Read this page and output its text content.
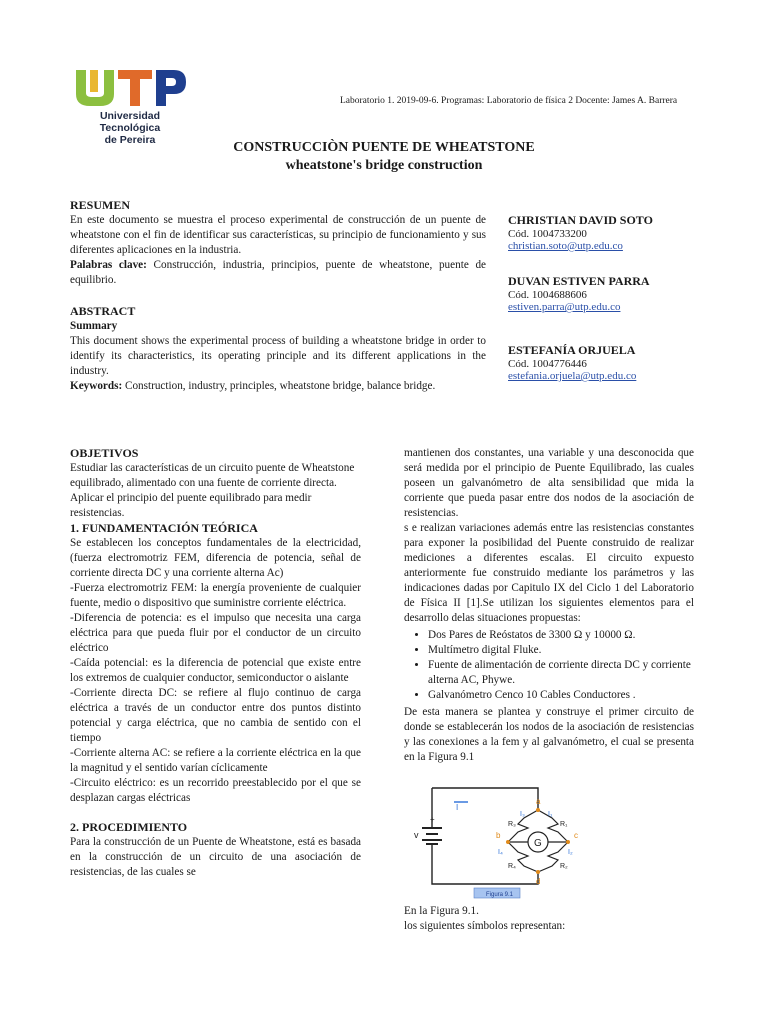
Universidad Tecnológica
de Pereira
Laboratorio 1. 2019-09-6. Programas: Laboratorio de física 2 Docente: James A. Barrera
CONSTRUCCIÒN PUENTE DE WHEATSTONE
wheatstone's bridge construction
RESUMEN

En este documento se muestra el proceso experimental de construcción de un puente de wheatstone con el fin de identificar sus características, su principio de funcionamiento y sus diferentes aplicaciones en la industria.

Palabras clave: Construcción, industria, principios, puente de wheatstone, puente de equilibrio.

ABSTRACT

Summary

This document shows the experimental process of building a wheatstone bridge in order to identify its characteristics, its operating principle and its different applications in the industry.

Keywords: Construction, industry, principles, wheatstone bridge, balance bridge.

CHRISTIAN DAVID SOTO
Cód. 1004733200
christian.soto@utp.edu.co
DUVAN ESTIVEN PARRA
Cód. 1004688606
estiven.parra@utp.edu.co
ESTEFANÍA ORJUELA
Cód. 1004776446
estefania.orjuela@utp.edu.co
OBJETIVOS

Estudiar las características de un circuito puente de Wheatstone equilibrado, alimentado con una fuente de corriente directa.

Aplicar el principio del puente equilibrado para medir resistencias.

1. FUNDAMENTACIÓN TEÓRICA

Se establecen los conceptos fundamentales de la electricidad, (fuerza electromotriz FEM, diferencia de potencia, señal de corriente directa DC y una corriente alterna Ac)

-Fuerza electromotriz FEM: la energía proveniente de cualquier fuente, medio o dispositivo que suministre corriente eléctrica.

-Diferencia de potencia: es el impulso que necesita una carga eléctrica para que pueda fluir por el conductor de un circuito eléctrico

-Caída potencial: es la diferencia de potencial que existe entre los extremos de cualquier conductor, semiconductor o aislante

-Corriente directa DC: se refiere al flujo continuo de carga eléctrica a través de un conductor entre dos puntos distinto potencial y carga eléctrica, que no cambia de sentido con el tiempo

-Corriente alterna AC: se refiere a la corriente eléctrica en la que la magnitud y el sentido varían cíclicamente

-Circuito eléctrico: es un recorrido preestablecido por el que se desplazan cargas eléctricas

2. PROCEDIMIENTO
Para la construcción de un Puente de Wheatstone, está es basada en la construcción de un circuito de una asociación de resistencias, de las cuales se
mantienen dos constantes, una variable y una desconocida que será medida por el principio de Puente Equilibrado, las cuales poseen un galvanómetro de alta sensibilidad que mida la corriente que pueda pasar entre dos nodos de la asociación de resistencias.
s e realizan variaciones además entre las resistencias constantes para exponer la posibilidad del Puente construido de realizar mediciones a diferentes escalas. El circuito expuesto anteriormente fue construido mediante los parámetros y las indicaciones dadas por Capitulo IX del Ciclo 1 del Laboratorio de Física II [1].Se utilizan los siguientes elementos para el desarrollo delas situaciones propuestas:
• Dos Pares de Reóstatos de 3300 Ω y 10000 Ω.
• Multímetro digital Fluke.
• Fuente de alimentación de corriente directa DC y corriente alterna AC, Phywe.
• Galvanómetro Cenco 10 Cables Conductores .
De esta manera se plantea y construye el primer circuito de donde se establecerán los nodos de la asociación de resistencias y las conexiones a la fem y al galvanómetro, el cual se presenta en la Figura 9.1
+
v
I
G
a
b	c
d
I₃	I₁
I₄	I₂
R₃	R₁
R₄	R₂
Figura 9.1
En la Figura 9.1.
los siguientes símbolos representan:
